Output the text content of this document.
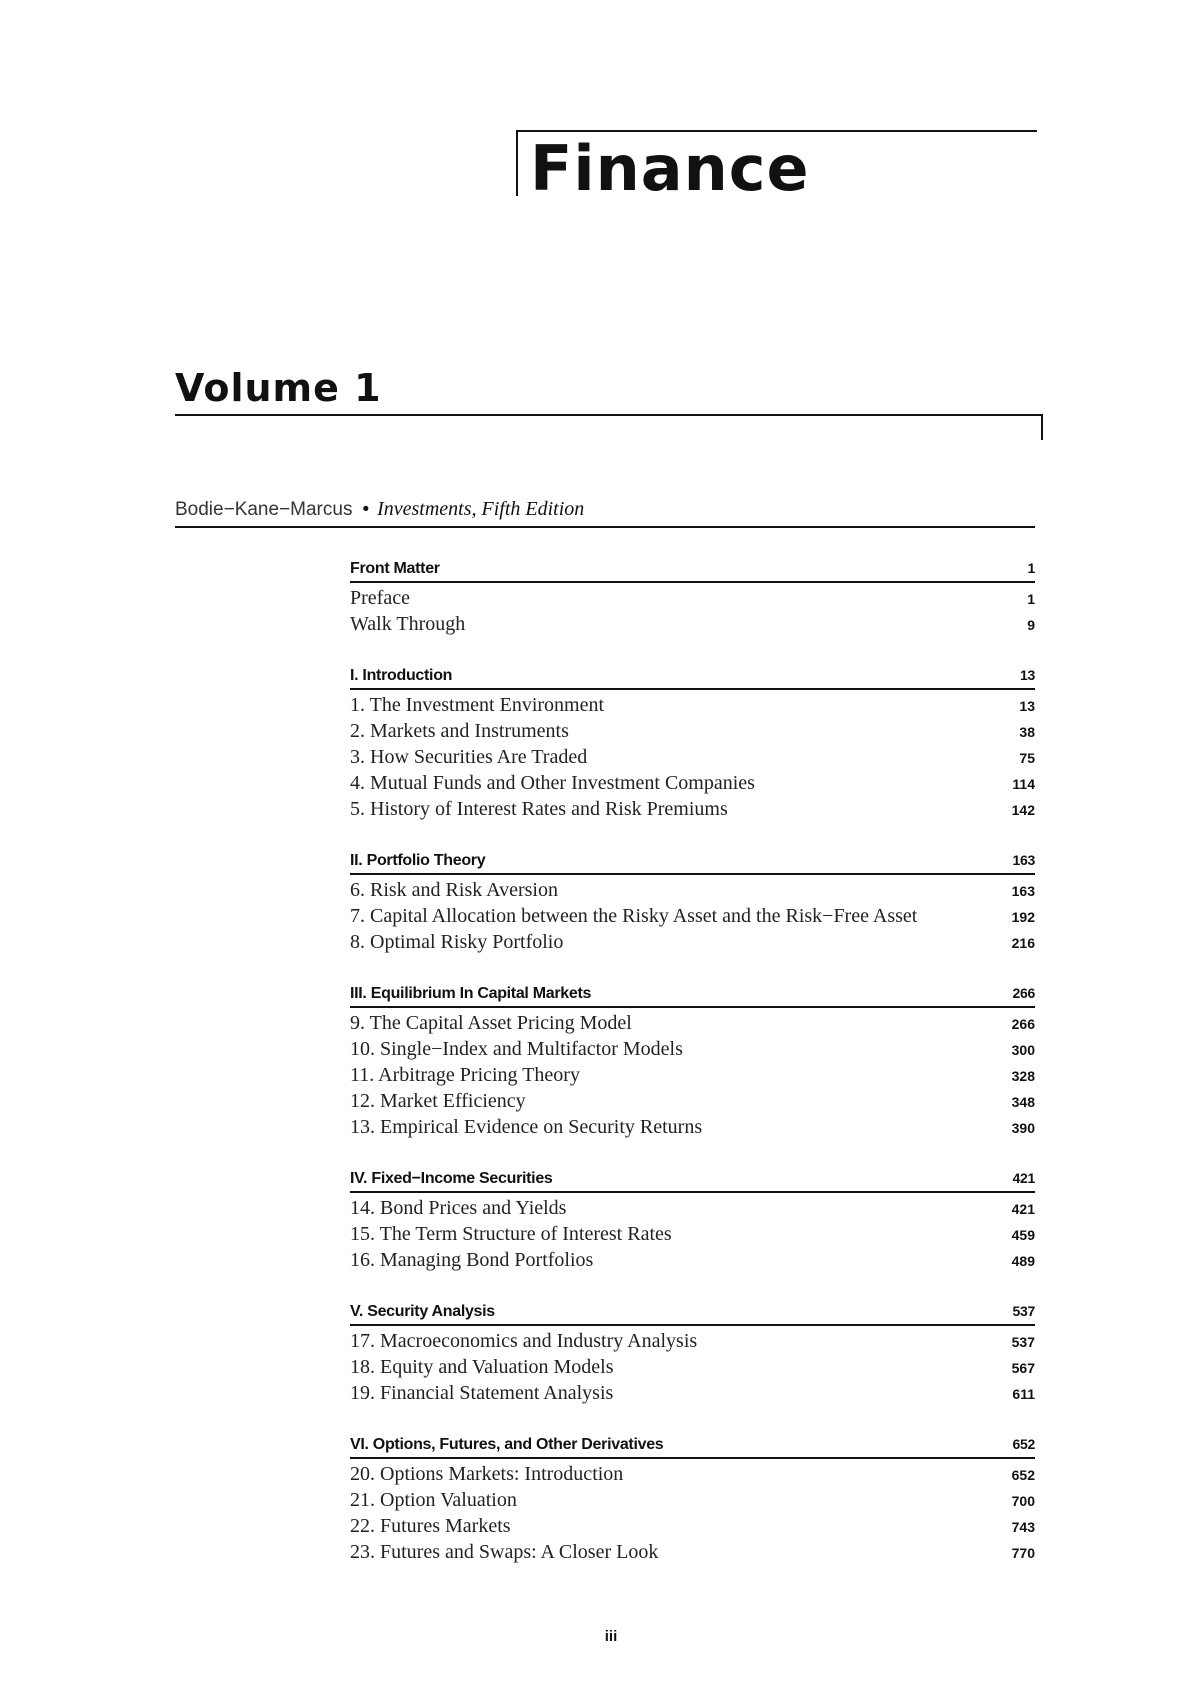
Finance
Volume 1
Bodie−Kane−Marcus • Investments, Fifth Edition
Front Matter	1
Preface	1
Walk Through	9
I. Introduction	13
1. The Investment Environment	13
2. Markets and Instruments	38
3. How Securities Are Traded	75
4. Mutual Funds and Other Investment Companies	114
5. History of Interest Rates and Risk Premiums	142
II. Portfolio Theory	163
6. Risk and Risk Aversion	163
7. Capital Allocation between the Risky Asset and the Risk−Free Asset	192
8. Optimal Risky Portfolio	216
III. Equilibrium In Capital Markets	266
9. The Capital Asset Pricing Model	266
10. Single−Index and Multifactor Models	300
11. Arbitrage Pricing Theory	328
12. Market Efficiency	348
13. Empirical Evidence on Security Returns	390
IV. Fixed−Income Securities	421
14. Bond Prices and Yields	421
15. The Term Structure of Interest Rates	459
16. Managing Bond Portfolios	489
V. Security Analysis	537
17. Macroeconomics and Industry Analysis	537
18. Equity and Valuation Models	567
19. Financial Statement Analysis	611
VI. Options, Futures, and Other Derivatives	652
20. Options Markets: Introduction	652
21. Option Valuation	700
22. Futures Markets	743
23. Futures and Swaps: A Closer Look	770
iii
